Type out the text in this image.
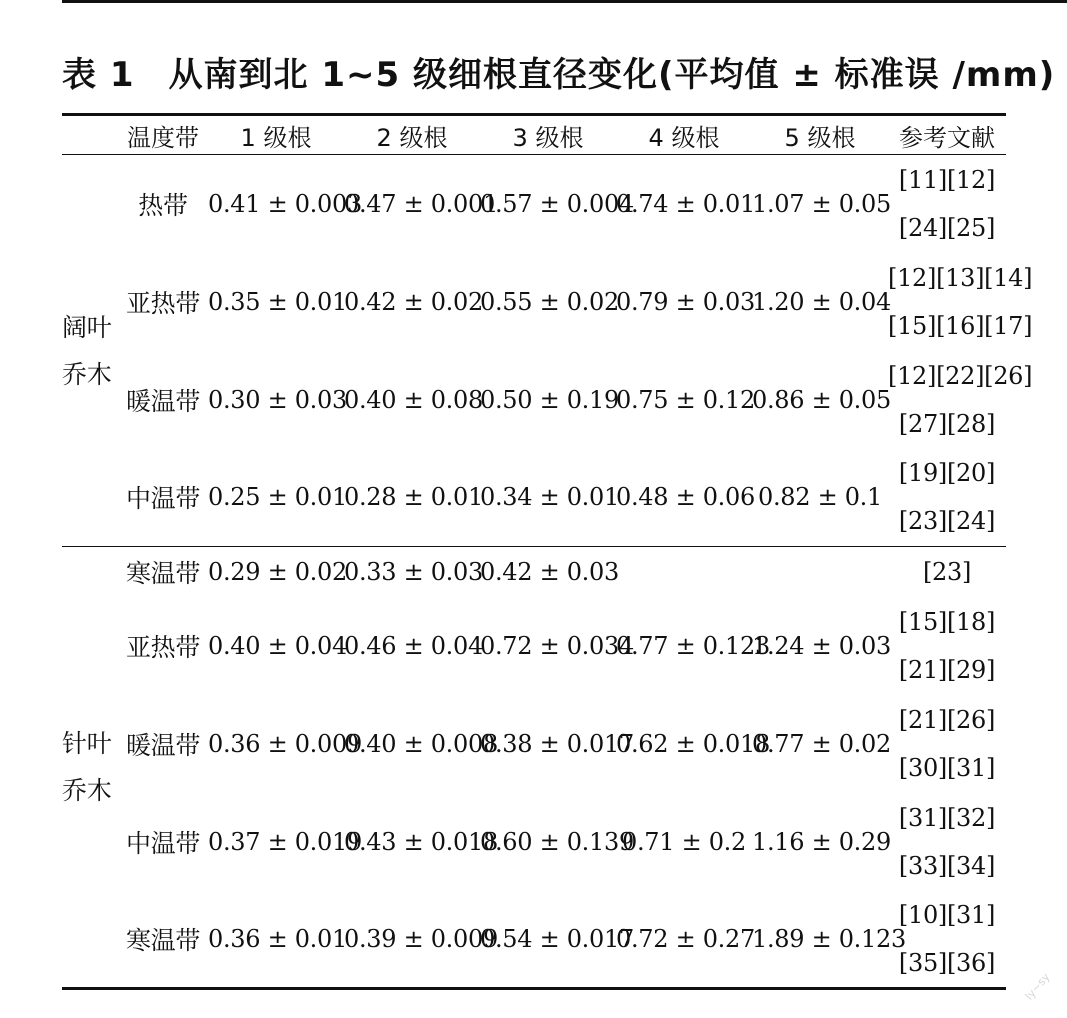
表 1 从南到北 1~5 级细根直径变化(平均值 ± 标准误 /mm)
	温度带	1 级根	2 级根	3 级根	4 级根	5 级根	参考文献
阔叶
乔木	热带	0.41 ± 0.003	0.47 ± 0.001	0.57 ± 0.004	0.74 ± 0.01	1.07 ± 0.05	[11][12]
[24][25]

	亚热带	0.35 ± 0.01	0.42 ± 0.02	0.55 ± 0.02	0.79 ± 0.03	1.20 ± 0.04	[12][13][14]
[15][16][17]

	暖温带	0.30 ± 0.03	0.40 ± 0.08	0.50 ± 0.19	0.75 ± 0.12	0.86 ± 0.05	[12][22][26]
[27][28]

	中温带	0.25 ± 0.01	0.28 ± 0.01	0.34 ± 0.01	0.48 ± 0.06	0.82 ± 0.1	[19][20]
[23][24]

针叶
乔木	寒温带	0.29 ± 0.02	0.33 ± 0.03	0.42 ± 0.03			[23]

	亚热带	0.40 ± 0.04	0.46 ± 0.04	0.72 ± 0.034	0.77 ± 0.123	1.24 ± 0.03	[15][18]
[21][29]

	暖温带	0.36 ± 0.009	0.40 ± 0.008	0.38 ± 0.017	0.62 ± 0.018	0.77 ± 0.02	[21][26]
[30][31]

	中温带	0.37 ± 0.019	0.43 ± 0.018	0.60 ± 0.139	0.71 ± 0.2	1.16 ± 0.29	[31][32]
[33][34]

	寒温带	0.36 ± 0.01	0.39 ± 0.009	0.54 ± 0.017	0.72 ± 0.27	1.89 ± 0.123	[10][31]
[35][36]
ly~sy
